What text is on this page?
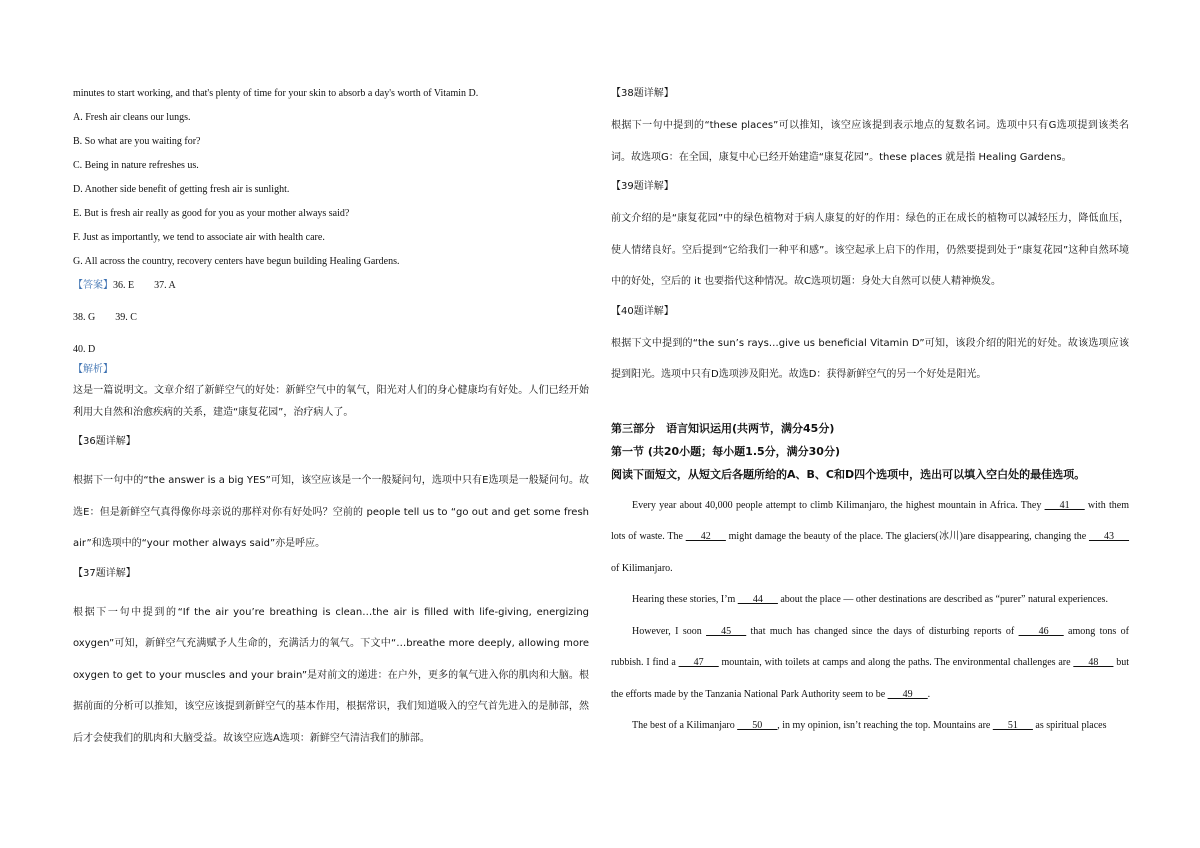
minutes to start working, and that's plenty of time for your skin to absorb a day's worth of Vitamin D.

A. Fresh air cleans our lungs.

B. So what are you waiting for?

C. Being in nature refreshes us.

D. Another side benefit of getting fresh air is sunlight.

E. But is fresh air really as good for you as your mother always said?

F. Just as importantly, we tend to associate air with health care.

G. All across the country, recovery centers have begun building Healing Gardens.

【答案】36. E 37. A

38. G 39. C

40. D

【解析】

这是一篇说明文。文章介绍了新鲜空气的好处：新鲜空气中的氧气，阳光对人们的身心健康均有好处。人们已经开始利用大自然和治愈疾病的关系，建造“康复花园”，治疗病人了。

【36题详解】

根据下一句中的“the answer is a big YES”可知，该空应该是一个一般疑问句，选项中只有E选项是一般疑问句。故选E：但是新鲜空气真得像你母亲说的那样对你有好处吗？空前的 people tell us to “go out and get some fresh air”和选项中的“your mother always said”亦是呼应。

【37题详解】

根据下一句中提到的“If the air you’re breathing is clean…the air is filled with life-giving, energizing oxygen”可知，新鲜空气充满赋予人生命的，充满活力的氧气。下文中“…breathe more deeply, allowing more oxygen to get to your muscles and your brain”是对前文的递进：在户外，更多的氧气进入你的肌肉和大脑。根据前面的分析可以推知，该空应该提到新鲜空气的基本作用，根据常识，我们知道吸入的空气首先进入的是肺部，然后才会使我们的肌肉和大脑受益。故该空应选A选项：新鲜空气清洁我们的肺部。

【38题详解】

根据下一句中提到的“these places”可以推知，该空应该提到表示地点的复数名词。选项中只有G选项提到该类名词。故选项G：在全国，康复中心已经开始建造“康复花园”。these places 就是指 Healing Gardens。

【39题详解】

前文介绍的是“康复花园”中的绿色植物对于病人康复的好的作用：绿色的正在成长的植物可以减轻压力，降低血压，使人情绪良好。空后提到“它给我们一种平和感”。该空起承上启下的作用，仍然要提到处于“康复花园”这种自然环境中的好处，空后的 it 也要指代这种情况。故C选项切题：身处大自然可以使人精神焕发。

【40题详解】

根据下文中提到的“the sun’s rays…give us beneficial Vitamin D”可知，该段介绍的阳光的好处。故该选项应该提到阳光。选项中只有D选项涉及阳光。故选D：获得新鲜空气的另一个好处是阳光。

第三部分　语言知识运用(共两节，满分45分)

第一节 (共20小题；每小题1.5分，满分30分)

阅读下面短文，从短文后各题所给的A、B、C和D四个选项中，选出可以填入空白处的最佳选项。

Every year about 40,000 people attempt to climb Kilimanjaro, the highest mountain in Africa. They ___41___ with them lots of waste. The ___42___ might damage the beauty of the place. The glaciers(冰川)are disappearing, changing the ___43___ of Kilimanjaro.

Hearing these stories, I’m ___44___ about the place — other destinations are described as “purer” natural experiences.

However, I soon ___45___ that much has changed since the days of disturbing reports of ____46___ among tons of rubbish. I find a ___47___ mountain, with toilets at camps and along the paths. The environmental challenges are ___48___ but the efforts made by the Tanzania National Park Authority seem to be ___49___.

The best of a Kilimanjaro ___50___, in my opinion, isn’t reaching the top. Mountains are ___51___ as spiritual places
